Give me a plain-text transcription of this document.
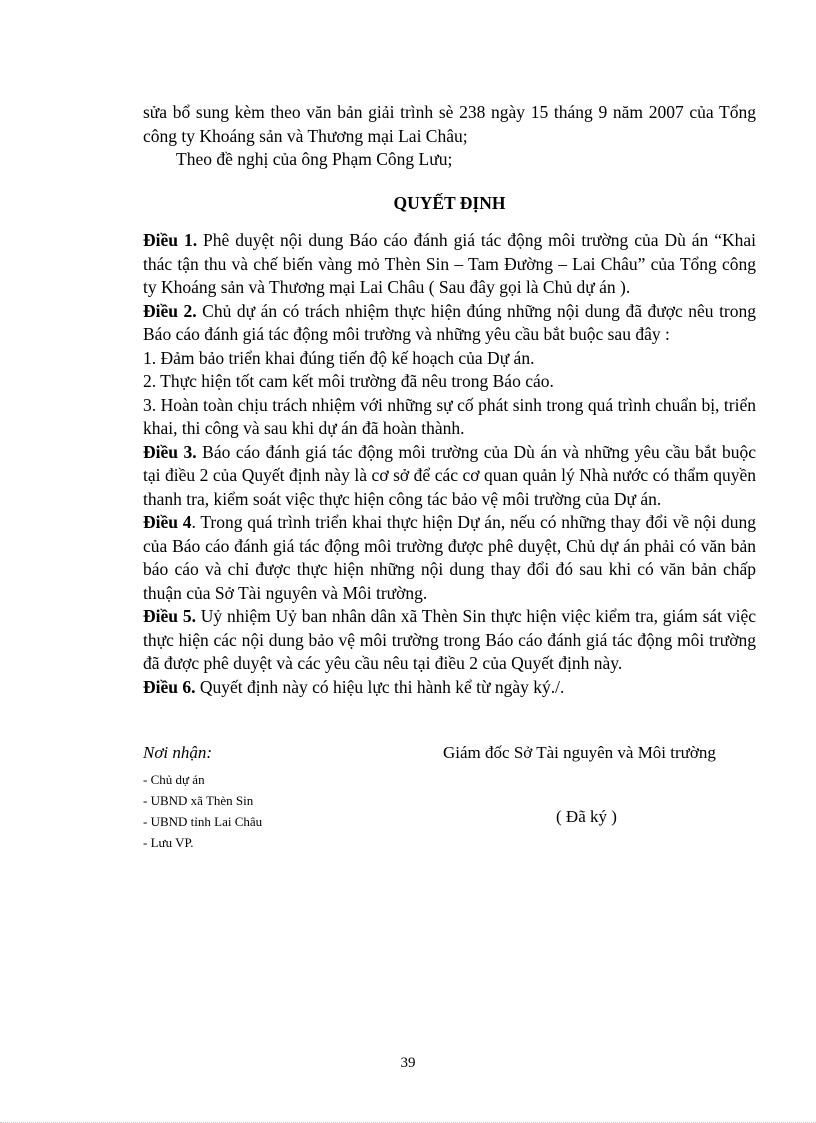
sửa bổ sung kèm theo văn bản giải trình sè 238 ngày 15 tháng 9 năm 2007 của Tổng công ty Khoáng sản và Thương mại Lai Châu;

Theo đề nghị của ông Phạm Công Lưu;

QUYẾT ĐỊNH

Điều 1. Phê duyệt nội dung Báo cáo đánh giá tác động môi trường của Dù án “Khai thác tận thu và chế biến vàng mỏ Thèn Sin – Tam Đường – Lai Châu” của Tổng công ty Khoáng sản và Thương mại Lai Châu ( Sau đây gọi là Chủ dự án ).

Điều 2. Chủ dự án có trách nhiệm thực hiện đúng những nội dung đã được nêu trong Báo cáo đánh giá tác động môi trường và những yêu cầu bắt buộc sau đây :

1. Đảm bảo triển khai đúng tiến độ kế hoạch của Dự án.

2. Thực hiện tốt cam kết môi trường đã nêu trong Báo cáo.

3. Hoàn toàn chịu trách nhiệm với những sự cố phát sinh trong quá trình chuẩn bị, triển khai, thi công và sau khi dự án đã hoàn thành.

Điều 3. Báo cáo đánh giá tác động môi trường của Dù án và những yêu cầu bắt buộc tại điều 2 của Quyết định này là cơ sở để các cơ quan quản lý Nhà nước có thẩm quyền thanh tra, kiểm soát việc thực hiện công tác bảo vệ môi trường của Dự án.

Điều 4. Trong quá trình triển khai thực hiện Dự án, nếu có những thay đổi về nội dung của Báo cáo đánh giá tác động môi trường được phê duyệt, Chủ dự án phải có văn bản báo cáo và chỉ được thực hiện những nội dung thay đổi đó sau khi có văn bản chấp thuận của Sở Tài nguyên và Môi trường.

Điều 5. Uỷ nhiệm Uỷ ban nhân dân xã Thèn Sin thực hiện việc kiểm tra, giám sát việc thực hiện các nội dung bảo vệ môi trường trong Báo cáo đánh giá tác động môi trường đã được phê duyệt và các yêu cầu nêu tại điều 2 của Quyết định này.

Điều 6. Quyết định này có hiệu lực thi hành kể từ ngày ký./.

Nơi nhận:
- Chủ dự án
- UBND xã Thèn Sin
- UBND tỉnh Lai Châu
- Lưu VP.
Giám đốc Sở Tài nguyên và Môi trường
( Đã ký )
39
